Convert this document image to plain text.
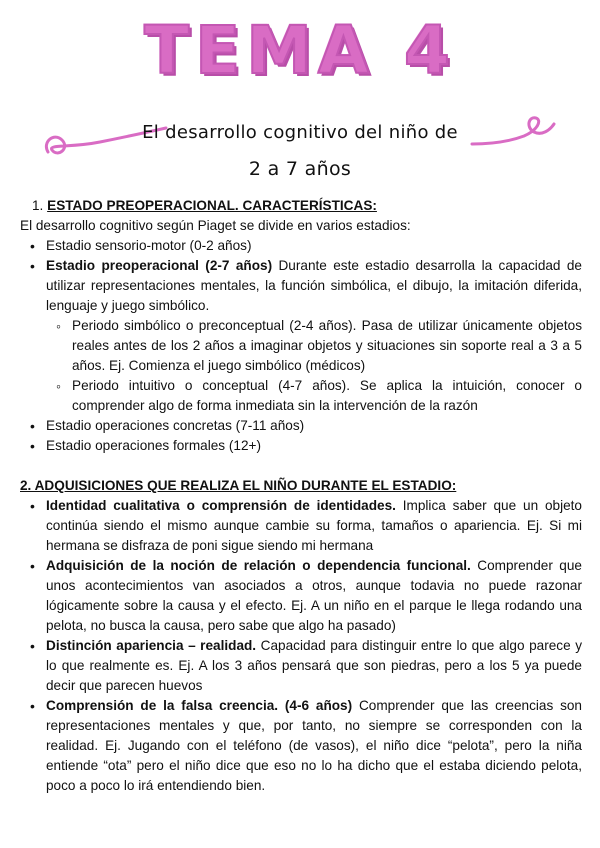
TEMA 4
El desarrollo cognitivo del niño de
2 a 7 años
1. ESTADO PREOPERACIONAL. CARACTERÍSTICAS:

El desarrollo cognitivo según Piaget se divide en varios estadios:

• Estadio sensorio-motor (0-2 años)
• Estadio preoperacional (2-7 años) Durante este estadio desarrolla la capacidad de utilizar representaciones mentales, la función simbólica, el dibujo, la imitación diferida, lenguaje y juego simbólico.
◦ Periodo simbólico o preconceptual (2-4 años). Pasa de utilizar únicamente objetos reales antes de los 2 años a imaginar objetos y situaciones sin soporte real a 3 a 5 años. Ej. Comienza el juego simbólico (médicos)
◦ Periodo intuitivo o conceptual (4-7 años). Se aplica la intuición, conocer o comprender algo de forma inmediata sin la intervención de la razón
• Estadio operaciones concretas (7-11 años)
• Estadio operaciones formales (12+)
2. ADQUISICIONES QUE REALIZA EL NIÑO DURANTE EL ESTADIO:
• Identidad cualitativa o comprensión de identidades. Implica saber que un objeto continúa siendo el mismo aunque cambie su forma, tamaños o apariencia. Ej. Si mi hermana se disfraza de poni sigue siendo mi hermana
• Adquisición de la noción de relación o dependencia funcional. Comprender que unos acontecimientos van asociados a otros, aunque todavia no puede razonar lógicamente sobre la causa y el efecto. Ej. A un niño en el parque le llega rodando una pelota, no busca la causa, pero sabe que algo ha pasado)
• Distinción apariencia – realidad. Capacidad para distinguir entre lo que algo parece y lo que realmente es. Ej. A los 3 años pensará que son piedras, pero a los 5 ya puede decir que parecen huevos
• Comprensión de la falsa creencia. (4-6 años) Comprender que las creencias son representaciones mentales y que, por tanto, no siempre se corresponden con la realidad. Ej. Jugando con el teléfono (de vasos), el niño dice “pelota”, pero la niña entiende “ota” pero el niño dice que eso no lo ha dicho que el estaba diciendo pelota, poco a poco lo irá entendiendo bien.
